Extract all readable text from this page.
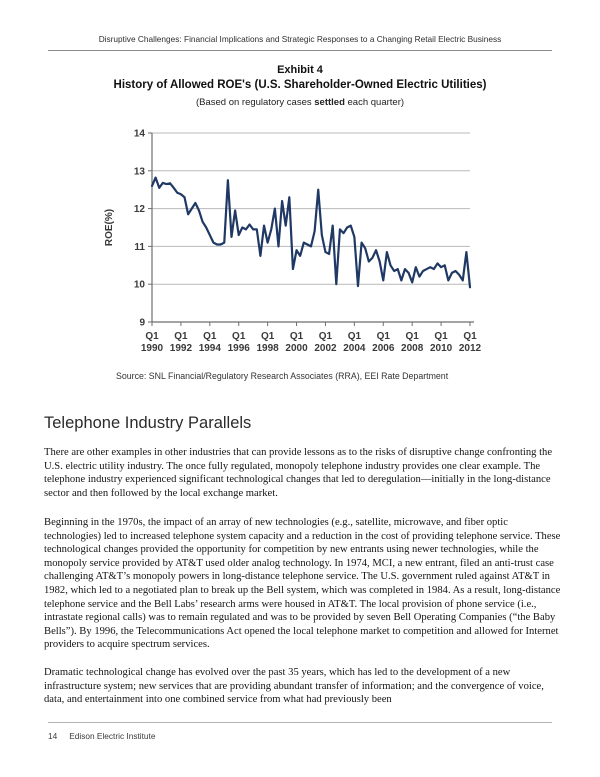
Disruptive Challenges: Financial Implications and Strategic Responses to a Changing Retail Electric Business
Exhibit 4
History of Allowed ROE's (U.S. Shareholder-Owned Electric Utilities)
(Based on regulatory cases settled each quarter)
9
10
11
12
13
14
Q1
1990
Q1
1992
Q1
1994
Q1
1996
Q1
1998
Q1
2000
Q1
2002
Q1
2004
Q1
2006
Q1
2008
Q1
2010
Q1
2012
ROE(%)
Source: SNL Financial/Regulatory Research Associates (RRA), EEI Rate Department
Telephone Industry Parallels

There are other examples in other industries that can provide lessons as to the risks of disruptive change confronting the U.S. electric utility industry. The once fully regulated, monopoly telephone industry provides one clear example. The telephone industry experienced significant technological changes that led to deregulation—initially in the long-distance sector and then followed by the local exchange market.

Beginning in the 1970s, the impact of an array of new technologies (e.g., satellite, microwave, and fiber optic technologies) led to increased telephone system capacity and a reduction in the cost of providing telephone service. These technological changes provided the opportunity for competition by new entrants using newer technologies, while the monopoly service provided by AT&T used older analog technology. In 1974, MCI, a new entrant, filed an anti-trust case challenging AT&T’s monopoly powers in long-distance telephone service. The U.S. government ruled against AT&T in 1982, which led to a negotiated plan to break up the Bell system, which was completed in 1984. As a result, long-distance telephone service and the Bell Labs’ research arms were housed in AT&T. The local provision of phone service (i.e., intrastate regional calls) was to remain regulated and was to be provided by seven Bell Operating Companies (“the Baby Bells”). By 1996, the Telecommunications Act opened the local telephone market to competition and allowed for Internet providers to acquire spectrum services.

Dramatic technological change has evolved over the past 35 years, which has led to the development of a new infrastructure system; new services that are providing abundant transfer of information; and the convergence of voice, data, and entertainment into one combined service from what had previously been

14 Edison Electric Institute
